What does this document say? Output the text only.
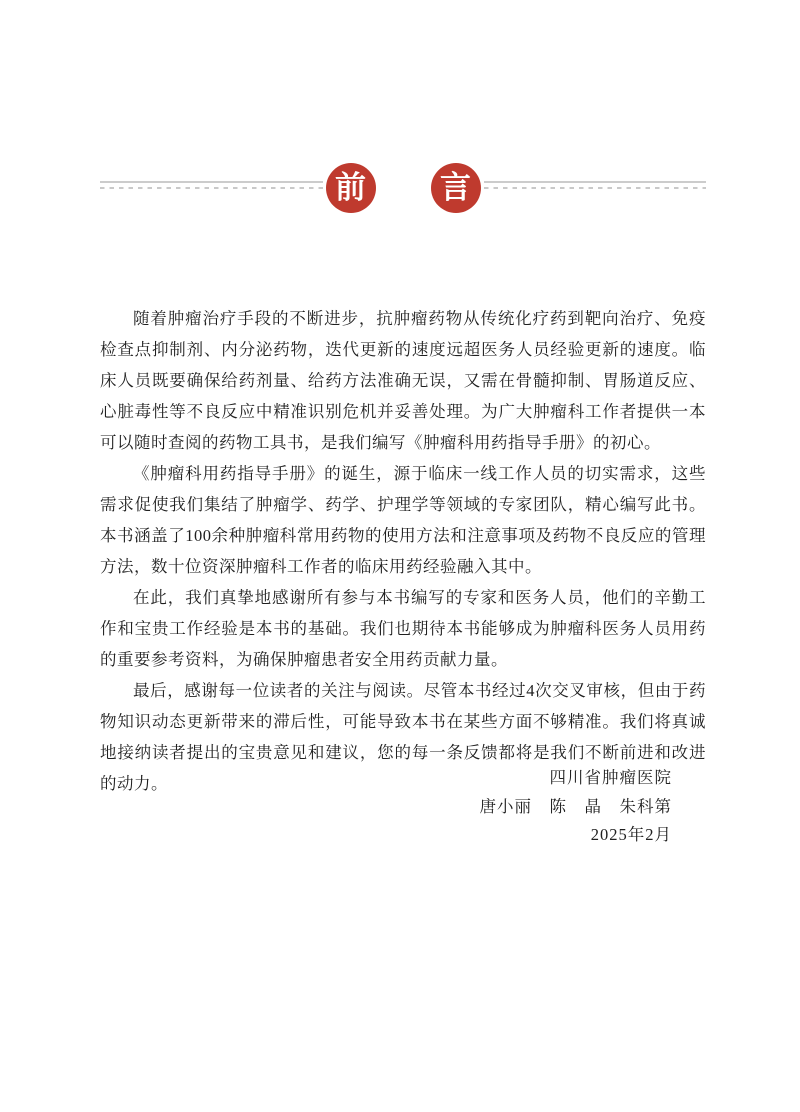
前	言

随着肿瘤治疗手段的不断进步，抗肿瘤药物从传统化疗药到靶向治疗、免疫检查点抑制剂、内分泌药物，迭代更新的速度远超医务人员经验更新的速度。临床人员既要确保给药剂量、给药方法准确无误，又需在骨髓抑制、胃肠道反应、心脏毒性等不良反应中精准识别危机并妥善处理。为广大肿瘤科工作者提供一本可以随时查阅的药物工具书，是我们编写《肿瘤科用药指导手册》的初心。

《肿瘤科用药指导手册》的诞生，源于临床一线工作人员的切实需求，这些需求促使我们集结了肿瘤学、药学、护理学等领域的专家团队，精心编写此书。本书涵盖了100余种肿瘤科常用药物的使用方法和注意事项及药物不良反应的管理方法，数十位资深肿瘤科工作者的临床用药经验融入其中。

在此，我们真挚地感谢所有参与本书编写的专家和医务人员，他们的辛勤工作和宝贵工作经验是本书的基础。我们也期待本书能够成为肿瘤科医务人员用药的重要参考资料，为确保肿瘤患者安全用药贡献力量。

最后，感谢每一位读者的关注与阅读。尽管本书经过4次交叉审核，但由于药物知识动态更新带来的滞后性，可能导致本书在某些方面不够精准。我们将真诚地接纳读者提出的宝贵意见和建议，您的每一条反馈都将是我们不断前进和改进的动力。	四川省肿瘤医院
唐小丽　陈　晶　朱科第
2025年2月
